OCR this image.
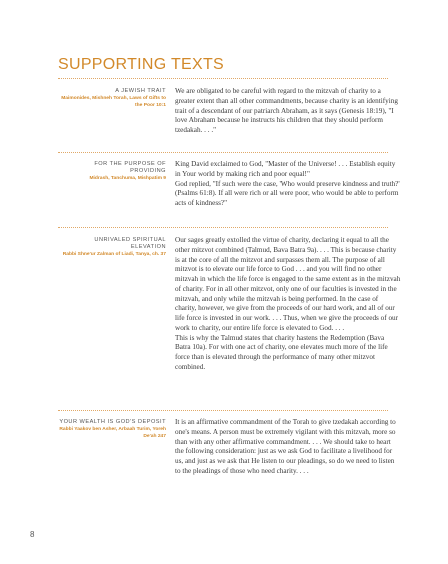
SUPPORTING TEXTS
A JEWISH TRAIT
Maimonides, Mishneh Torah, Laws of Gifts to the Poor 10:1

We are obligated to be careful with regard to the mitzvah of charity to a greater extent than all other commandments, because charity is an identifying trait of a descendant of our patriarch Abraham, as it says (Genesis 18:19), "I love Abraham because he instructs his children that they should perform tzedakah. . . ."

FOR THE PURPOSE OF PROVIDING
Midrash, Tanchuma, Mishpatim 9

King David exclaimed to God, "Master of the Universe! . . . Establish equity in Your world by making rich and poor equal!"

God replied, "If such were the case, 'Who would preserve kindness and truth?' (Psalms 61:8). If all were rich or all were poor, who would be able to perform acts of kindness?"

UNRIVALED SPIRITUAL ELEVATION
Rabbi Shne'ur Zalman of Liadi, Tanya, ch. 37

Our sages greatly extolled the virtue of charity, declaring it equal to all the other mitzvot combined (Talmud, Bava Batra 9a). . . . This is because charity is at the core of all the mitzvot and surpasses them all. The purpose of all mitzvot is to elevate our life force to God . . . and you will find no other mitzvah in which the life force is engaged to the same extent as in the mitzvah of charity. For in all other mitzvot, only one of our faculties is invested in the mitzvah, and only while the mitzvah is being performed. In the case of charity, however, we give from the proceeds of our hard work, and all of our life force is invested in our work. . . . Thus, when we give the proceeds of our work to charity, our entire life force is elevated to God. . . .

This is why the Talmud states that charity hastens the Redemption (Bava Batra 10a). For with one act of charity, one elevates much more of the life force than is elevated through the performance of many other mitzvot combined.

YOUR WEALTH IS GOD'S DEPOSIT
Rabbi Yaakov ben Asher, Arbaah Turim, Yoreh De'ah 247

It is an affirmative commandment of the Torah to give tzedakah according to one's means. A person must be extremely vigilant with this mitzvah, more so than with any other affirmative commandment. . . . We should take to heart the following consideration: just as we ask God to facilitate a livelihood for us, and just as we ask that He listen to our pleadings, so do we need to listen to the pleadings of those who need charity. . . .

8
